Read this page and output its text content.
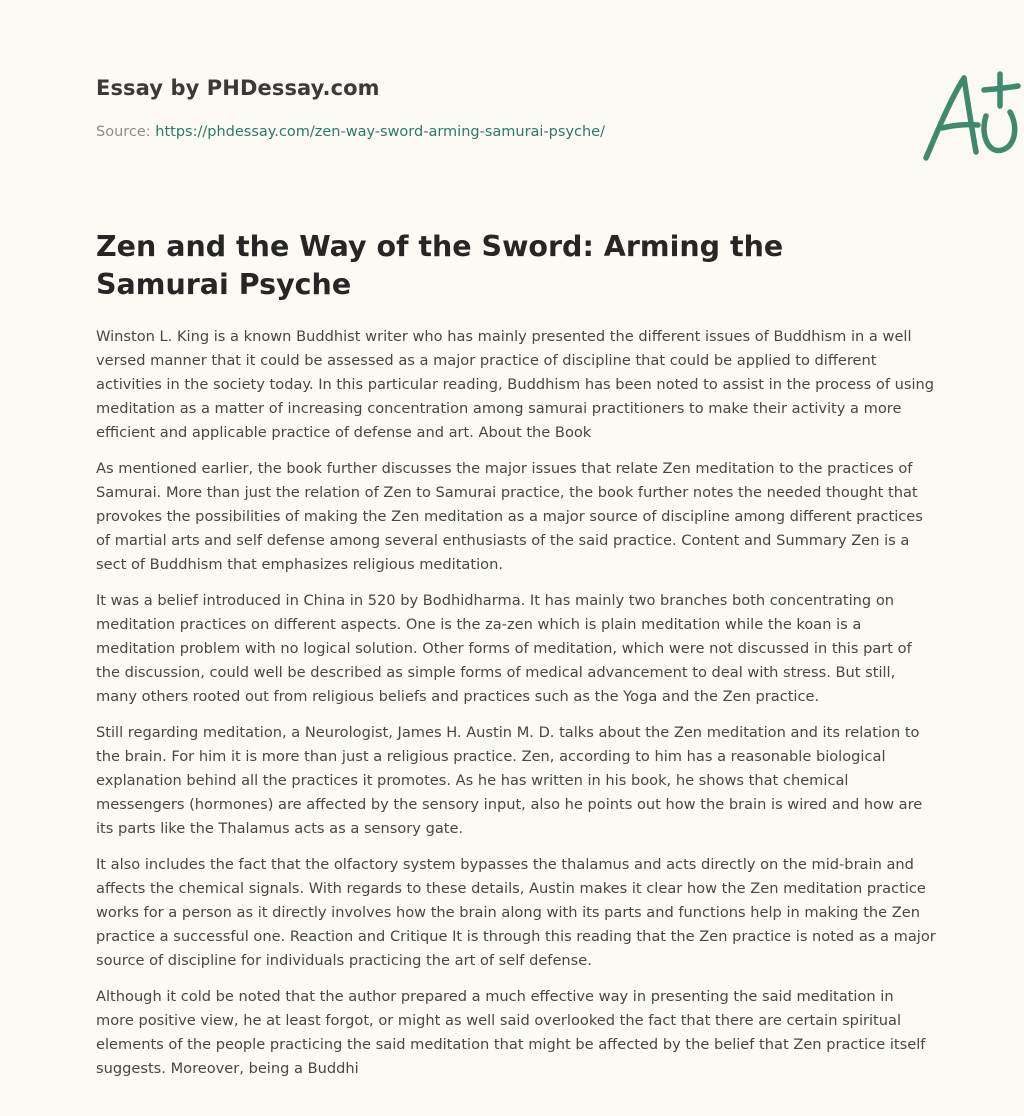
Essay by PHDessay.com
Source: https://phdessay.com/zen-way-sword-arming-samurai-psyche/
Zen and the Way of the Sword: Arming the Samurai Psyche

Winston L. King is a known Buddhist writer who has mainly presented the different issues of Buddhism in a well versed manner that it could be assessed as a major practice of discipline that could be applied to different activities in the society today. In this particular reading, Buddhism has been noted to assist in the process of using meditation as a matter of increasing concentration among samurai practitioners to make their activity a more efficient and applicable practice of defense and art. About the Book

As mentioned earlier, the book further discusses the major issues that relate Zen meditation to the practices of Samurai. More than just the relation of Zen to Samurai practice, the book further notes the needed thought that provokes the possibilities of making the Zen meditation as a major source of discipline among different practices of martial arts and self defense among several enthusiasts of the said practice. Content and Summary Zen is a sect of Buddhism that emphasizes religious meditation.

It was a belief introduced in China in 520 by Bodhidharma. It has mainly two branches both concentrating on meditation practices on different aspects. One is the za-zen which is plain meditation while the koan is a meditation problem with no logical solution. Other forms of meditation, which were not discussed in this part of the discussion, could well be described as simple forms of medical advancement to deal with stress. But still, many others rooted out from religious beliefs and practices such as the Yoga and the Zen practice.

Still regarding meditation, a Neurologist, James H. Austin M. D. talks about the Zen meditation and its relation to the brain. For him it is more than just a religious practice. Zen, according to him has a reasonable biological explanation behind all the practices it promotes. As he has written in his book, he shows that chemical messengers (hormones) are affected by the sensory input, also he points out how the brain is wired and how are its parts like the Thalamus acts as a sensory gate.

It also includes the fact that the olfactory system bypasses the thalamus and acts directly on the mid-brain and affects the chemical signals. With regards to these details, Austin makes it clear how the Zen meditation practice works for a person as it directly involves how the brain along with its parts and functions help in making the Zen practice a successful one. Reaction and Critique It is through this reading that the Zen practice is noted as a major source of discipline for individuals practicing the art of self defense.

Although it cold be noted that the author prepared a much effective way in presenting the said meditation in more positive view, he at least forgot, or might as well said overlooked the fact that there are certain spiritual elements of the people practicing the said meditation that might be affected by the belief that Zen practice itself suggests. Moreover, being a Buddhi
